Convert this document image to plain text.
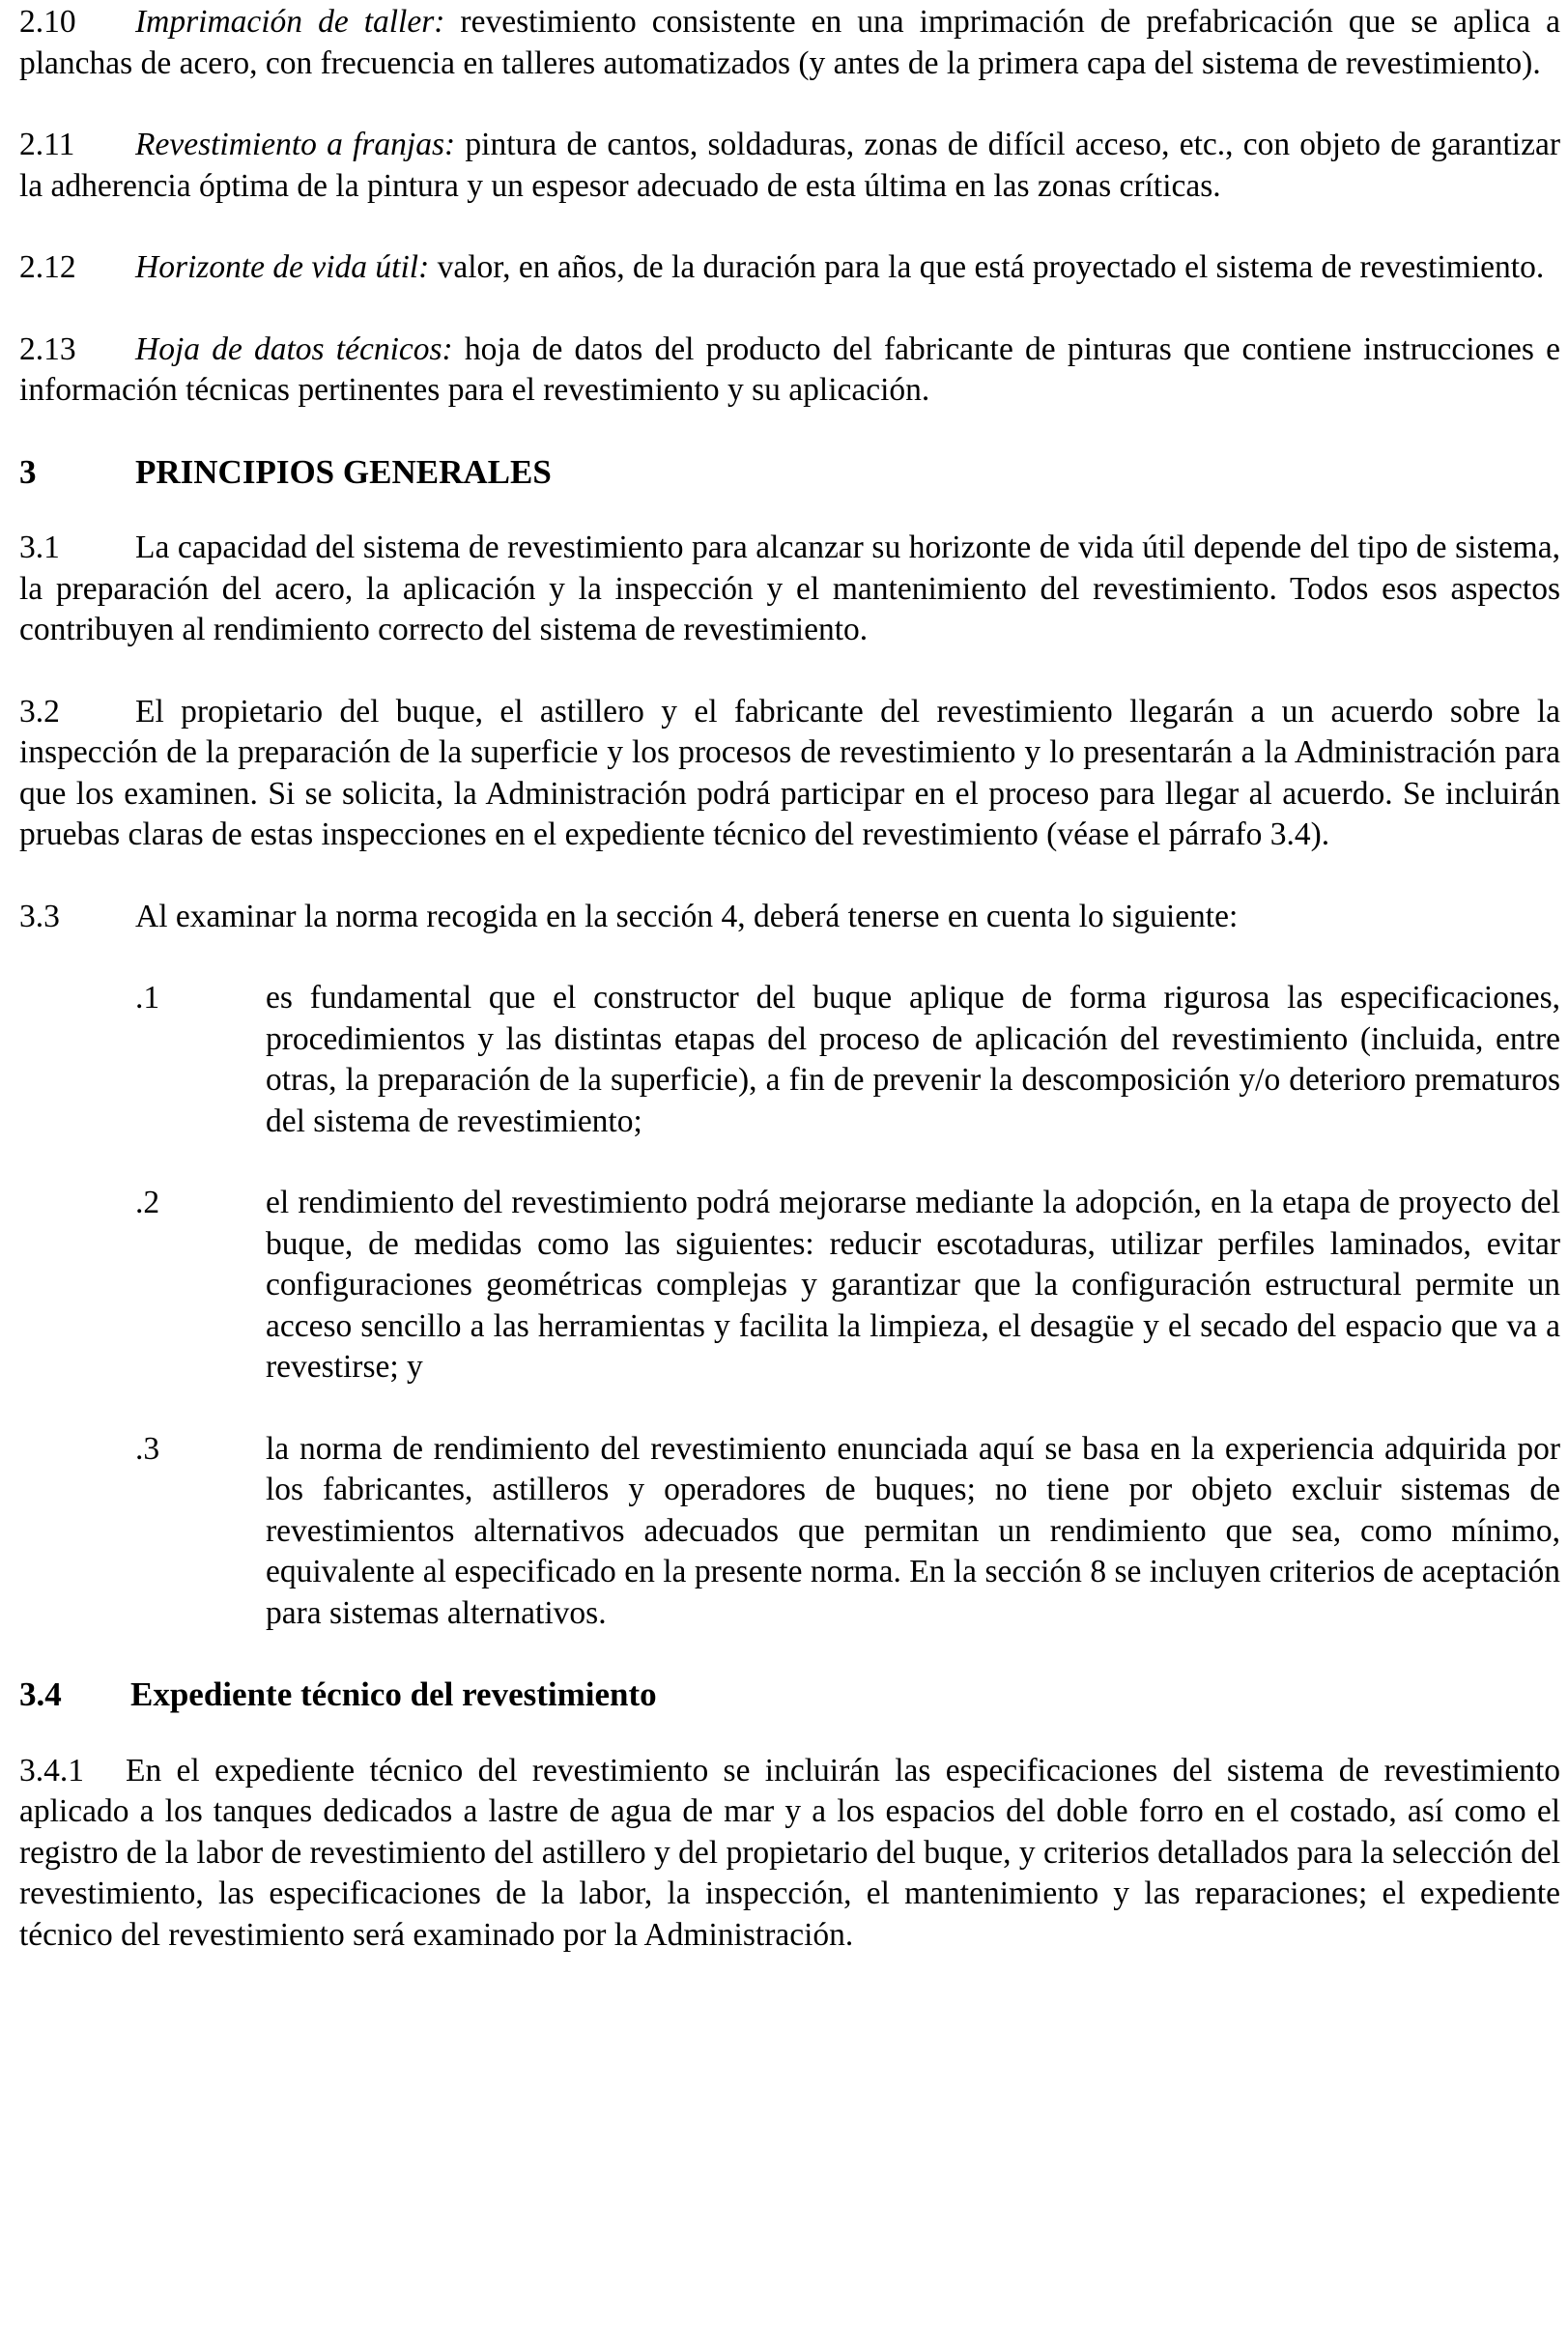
2.10 Imprimación de taller: revestimiento consistente en una imprimación de prefabricación que se aplica a planchas de acero, con frecuencia en talleres automatizados (y antes de la primera capa del sistema de revestimiento).

2.11 Revestimiento a franjas: pintura de cantos, soldaduras, zonas de difícil acceso, etc., con objeto de garantizar la adherencia óptima de la pintura y un espesor adecuado de esta última en las zonas críticas.

2.12 Horizonte de vida útil: valor, en años, de la duración para la que está proyectado el sistema de revestimiento.

2.13 Hoja de datos técnicos: hoja de datos del producto del fabricante de pinturas que contiene instrucciones e información técnicas pertinentes para el revestimiento y su aplicación.

3	PRINCIPIOS GENERALES

3.1 La capacidad del sistema de revestimiento para alcanzar su horizonte de vida útil depende del tipo de sistema, la preparación del acero, la aplicación y la inspección y el mantenimiento del revestimiento. Todos esos aspectos contribuyen al rendimiento correcto del sistema de revestimiento.

3.2 El propietario del buque, el astillero y el fabricante del revestimiento llegarán a un acuerdo sobre la inspección de la preparación de la superficie y los procesos de revestimiento y lo presentarán a la Administración para que los examinen. Si se solicita, la Administración podrá participar en el proceso para llegar al acuerdo. Se incluirán pruebas claras de estas inspecciones en el expediente técnico del revestimiento (véase el párrafo 3.4).

3.3 Al examinar la norma recogida en la sección 4, deberá tenerse en cuenta lo siguiente:

.1	es fundamental que el constructor del buque aplique de forma rigurosa las especificaciones, procedimientos y las distintas etapas del proceso de aplicación del revestimiento (incluida, entre otras, la preparación de la superficie), a fin de prevenir la descomposición y/o deterioro prematuros del sistema de revestimiento;
.2	el rendimiento del revestimiento podrá mejorarse mediante la adopción, en la etapa de proyecto del buque, de medidas como las siguientes: reducir escotaduras, utilizar perfiles laminados, evitar configuraciones geométricas complejas y garantizar que la configuración estructural permite un acceso sencillo a las herramientas y facilita la limpieza, el desagüe y el secado del espacio que va a revestirse; y
.3	la norma de rendimiento del revestimiento enunciada aquí se basa en la experiencia adquirida por los fabricantes, astilleros y operadores de buques; no tiene por objeto excluir sistemas de revestimientos alternativos adecuados que permitan un rendimiento que sea, como mínimo, equivalente al especificado en la presente norma. En la sección 8 se incluyen criterios de aceptación para sistemas alternativos.
3.4 Expediente técnico del revestimiento

3.4.1 En el expediente técnico del revestimiento se incluirán las especificaciones del sistema de revestimiento aplicado a los tanques dedicados a lastre de agua de mar y a los espacios del doble forro en el costado, así como el registro de la labor de revestimiento del astillero y del propietario del buque, y criterios detallados para la selección del revestimiento, las especificaciones de la labor, la inspección, el mantenimiento y las reparaciones; el expediente técnico del revestimiento será examinado por la Administración.
